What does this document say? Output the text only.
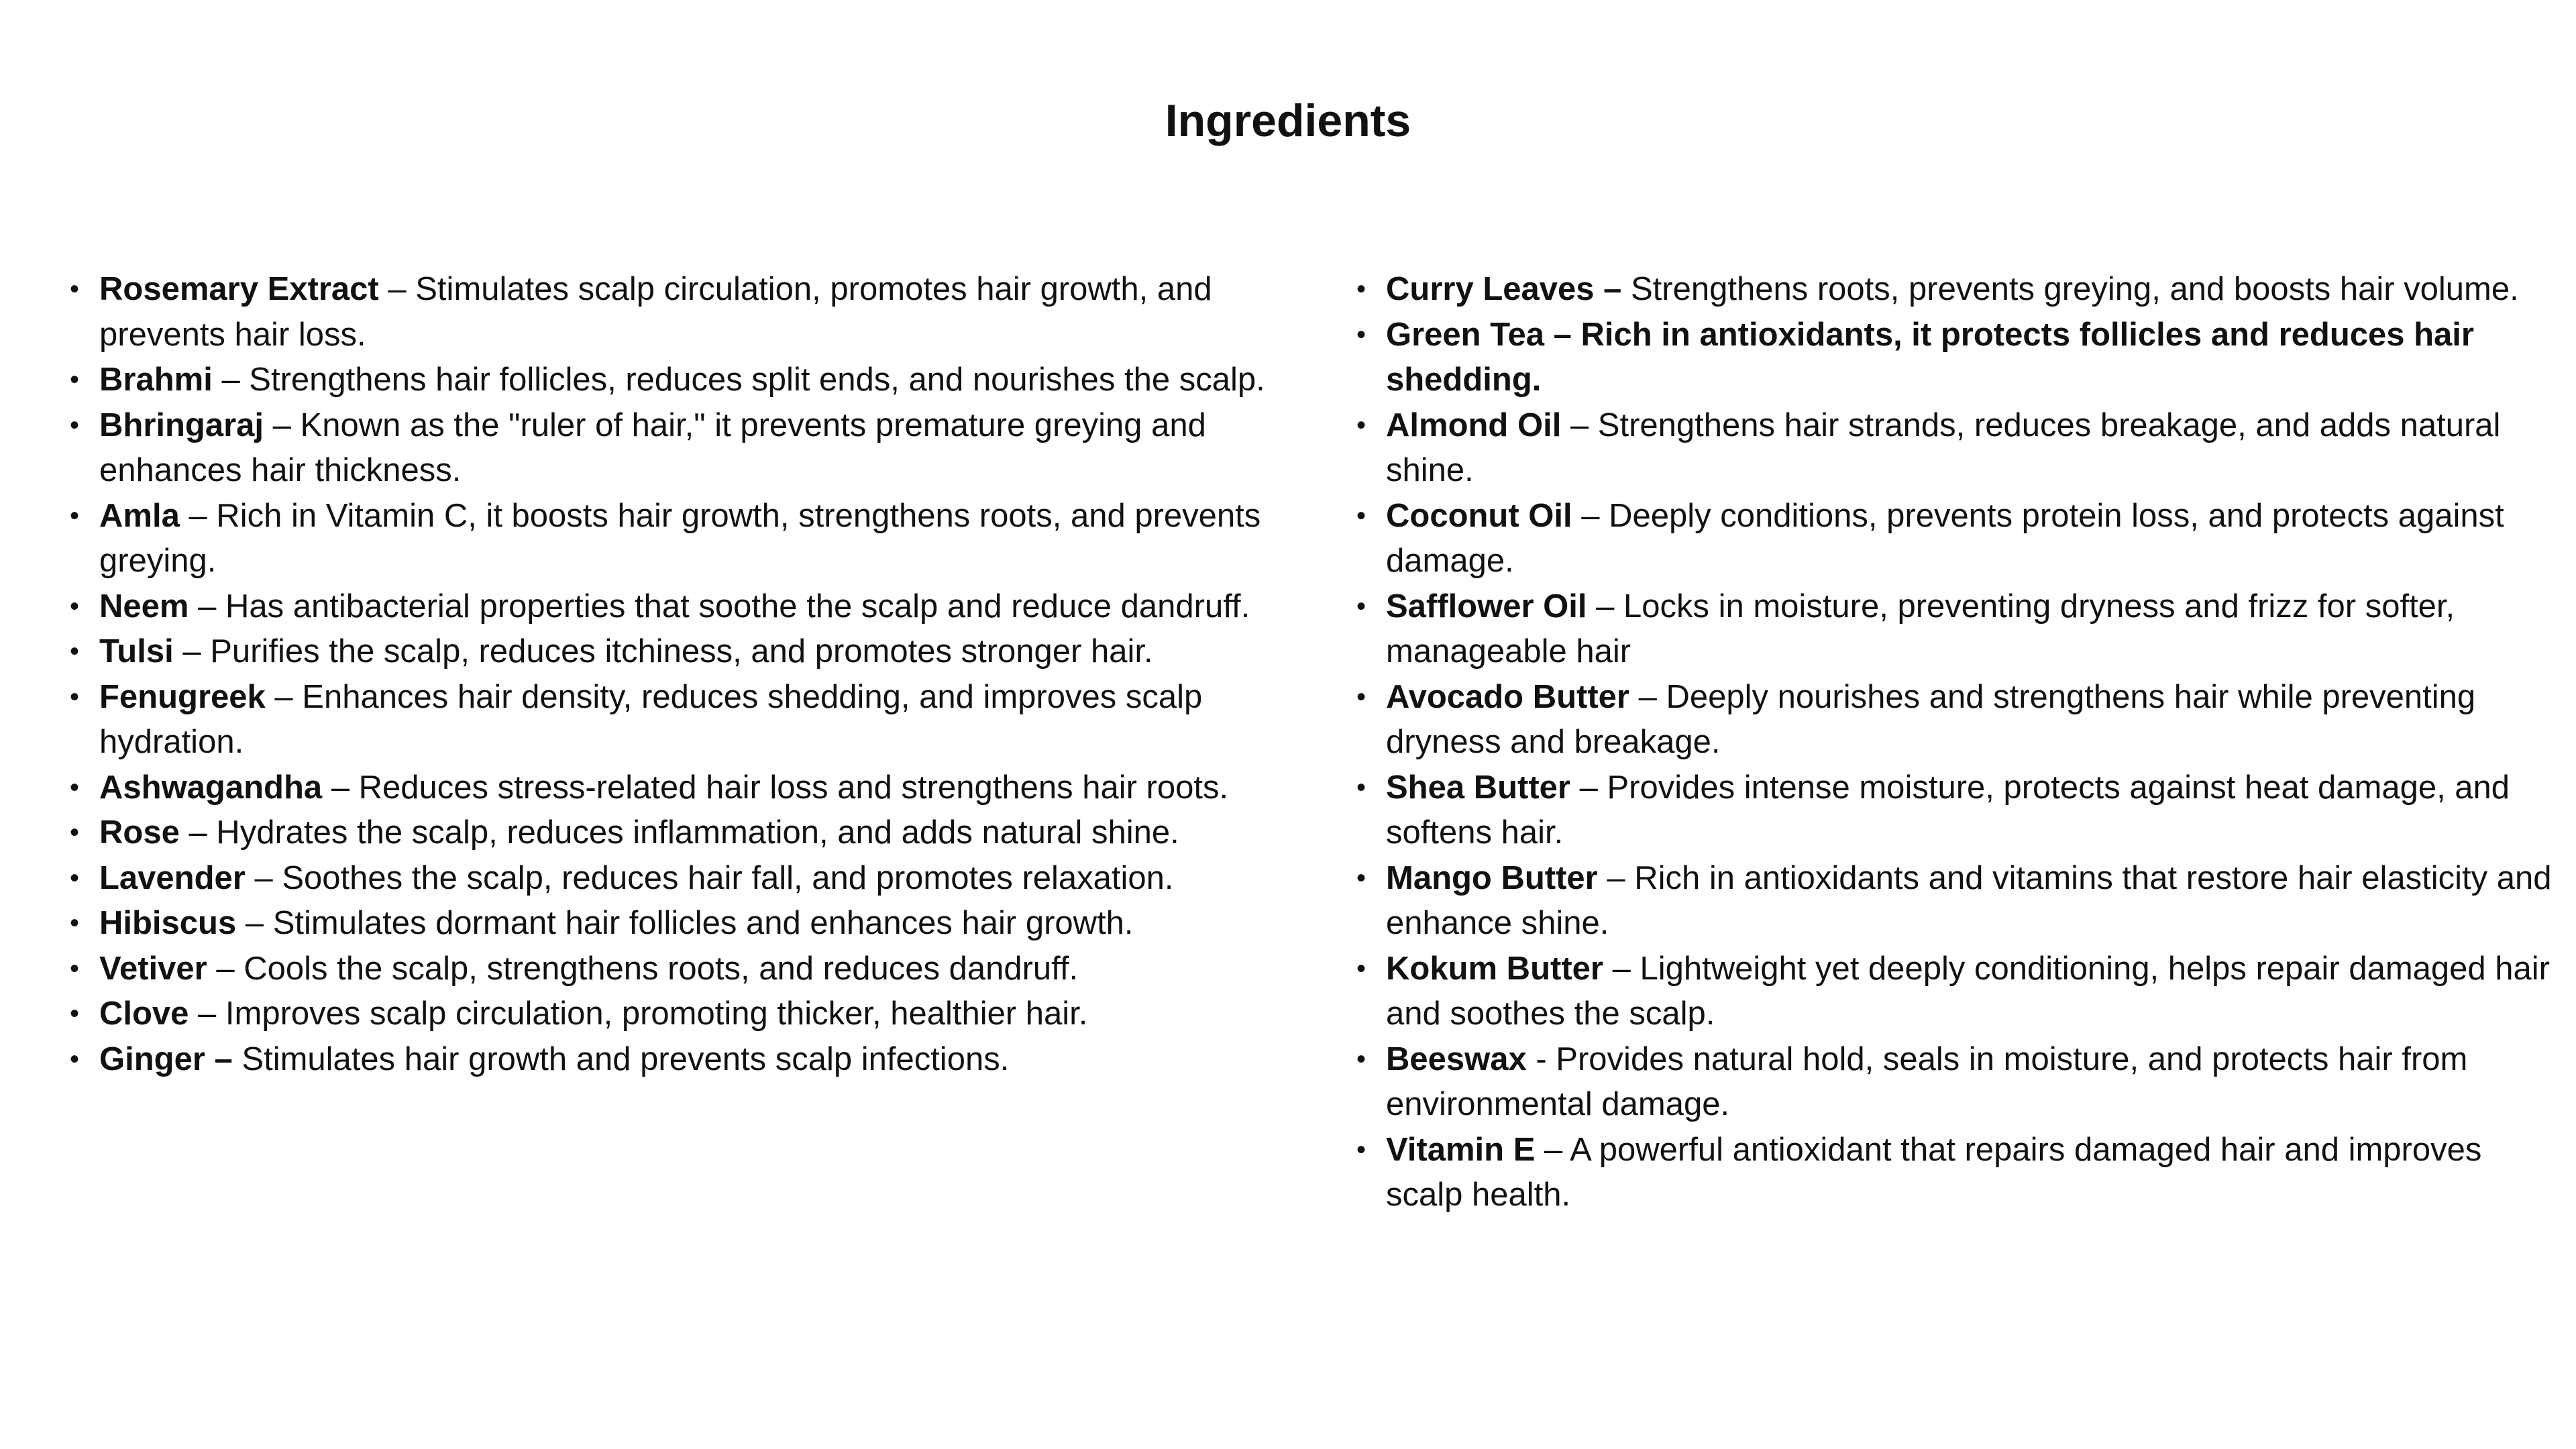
Ingredients
• Rosemary Extract – Stimulates scalp circulation, promotes hair growth, and prevents hair loss.
• Brahmi – Strengthens hair follicles, reduces split ends, and nourishes the scalp.
• Bhringaraj – Known as the "ruler of hair," it prevents premature greying and enhances hair thickness.
• Amla – Rich in Vitamin C, it boosts hair growth, strengthens roots, and prevents greying.
• Neem – Has antibacterial properties that soothe the scalp and reduce dandruff.
• Tulsi – Purifies the scalp, reduces itchiness, and promotes stronger hair.
• Fenugreek – Enhances hair density, reduces shedding, and improves scalp hydration.
• Ashwagandha – Reduces stress-related hair loss and strengthens hair roots.
• Rose – Hydrates the scalp, reduces inflammation, and adds natural shine.
• Lavender – Soothes the scalp, reduces hair fall, and promotes relaxation.
• Hibiscus – Stimulates dormant hair follicles and enhances hair growth.
• Vetiver – Cools the scalp, strengthens roots, and reduces dandruff.
• Clove – Improves scalp circulation, promoting thicker, healthier hair.
• Ginger – Stimulates hair growth and prevents scalp infections.
• Curry Leaves – Strengthens roots, prevents greying, and boosts hair volume.
• Green Tea – Rich in antioxidants, it protects follicles and reduces hair shedding.
• Almond Oil – Strengthens hair strands, reduces breakage, and adds natural shine.
• Coconut Oil – Deeply conditions, prevents protein loss, and protects against damage.
• Safflower Oil – Locks in moisture, preventing dryness and frizz for softer, manageable hair
• Avocado Butter – Deeply nourishes and strengthens hair while preventing dryness and breakage.
• Shea Butter – Provides intense moisture, protects against heat damage, and softens hair.
• Mango Butter – Rich in antioxidants and vitamins that restore hair elasticity and enhance shine.
• Kokum Butter – Lightweight yet deeply conditioning, helps repair damaged hair and soothes the scalp.
• Beeswax - Provides natural hold, seals in moisture, and protects hair from environmental damage.
• Vitamin E – A powerful antioxidant that repairs damaged hair and improves scalp health.
